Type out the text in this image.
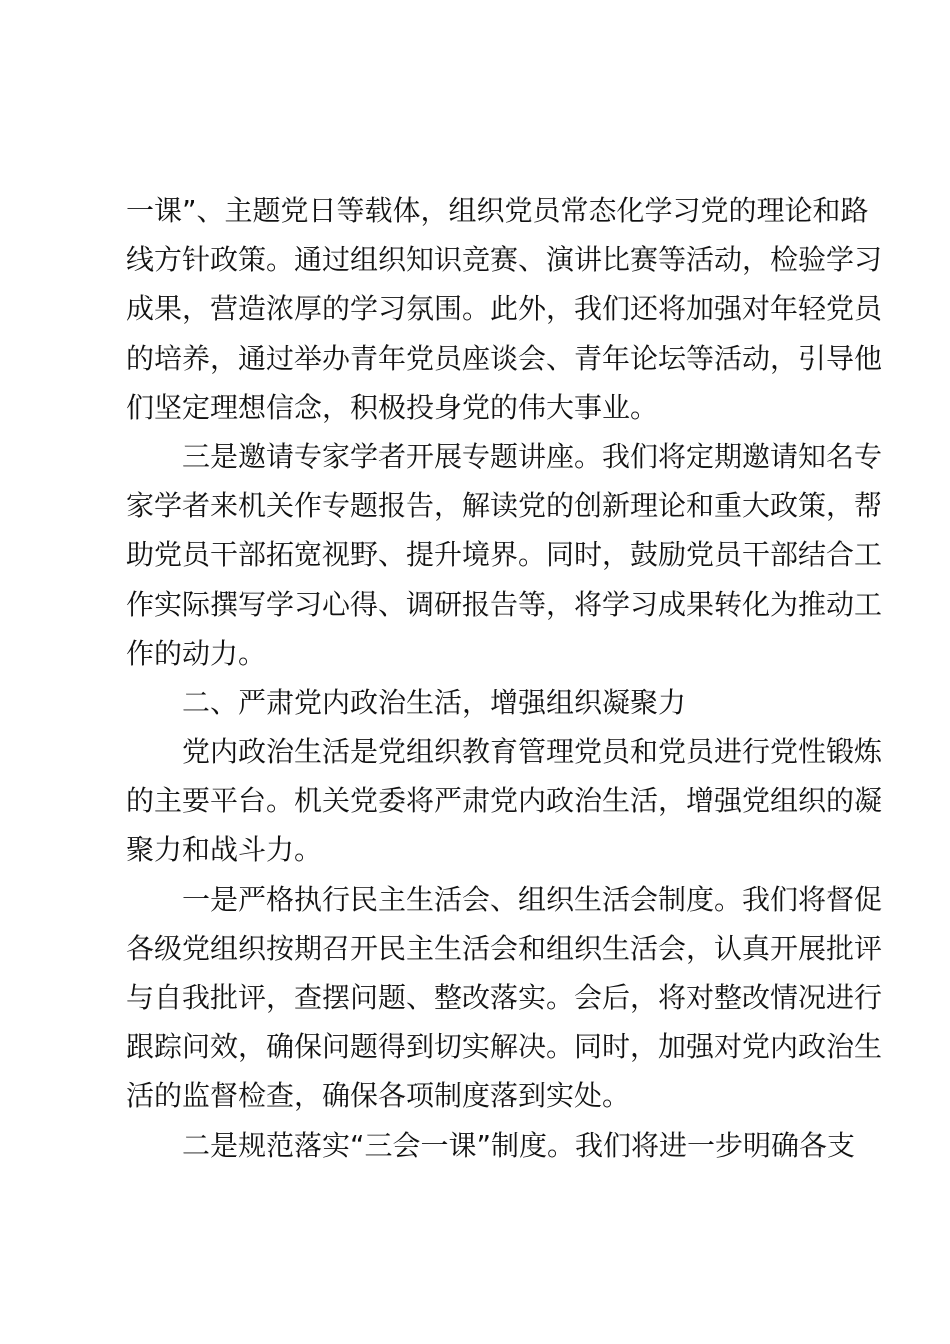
一课”、主题党日等载体，组织党员常态化学习党的理论和路
线方针政策。通过组织知识竞赛、演讲比赛等活动，检验学习
成果，营造浓厚的学习氛围。此外，我们还将加强对年轻党员
的培养，通过举办青年党员座谈会、青年论坛等活动，引导他
们坚定理想信念，积极投身党的伟大事业。
三是邀请专家学者开展专题讲座。我们将定期邀请知名专
家学者来机关作专题报告，解读党的创新理论和重大政策，帮
助党员干部拓宽视野、提升境界。同时，鼓励党员干部结合工
作实际撰写学习心得、调研报告等，将学习成果转化为推动工
作的动力。
二、严肃党内政治生活，增强组织凝聚力
党内政治生活是党组织教育管理党员和党员进行党性锻炼
的主要平台。机关党委将严肃党内政治生活，增强党组织的凝
聚力和战斗力。
一是严格执行民主生活会、组织生活会制度。我们将督促
各级党组织按期召开民主生活会和组织生活会，认真开展批评
与自我批评，查摆问题、整改落实。会后，将对整改情况进行
跟踪问效，确保问题得到切实解决。同时，加强对党内政治生
活的监督检查，确保各项制度落到实处。
二是规范落实“三会一课”制度。我们将进一步明确各支
